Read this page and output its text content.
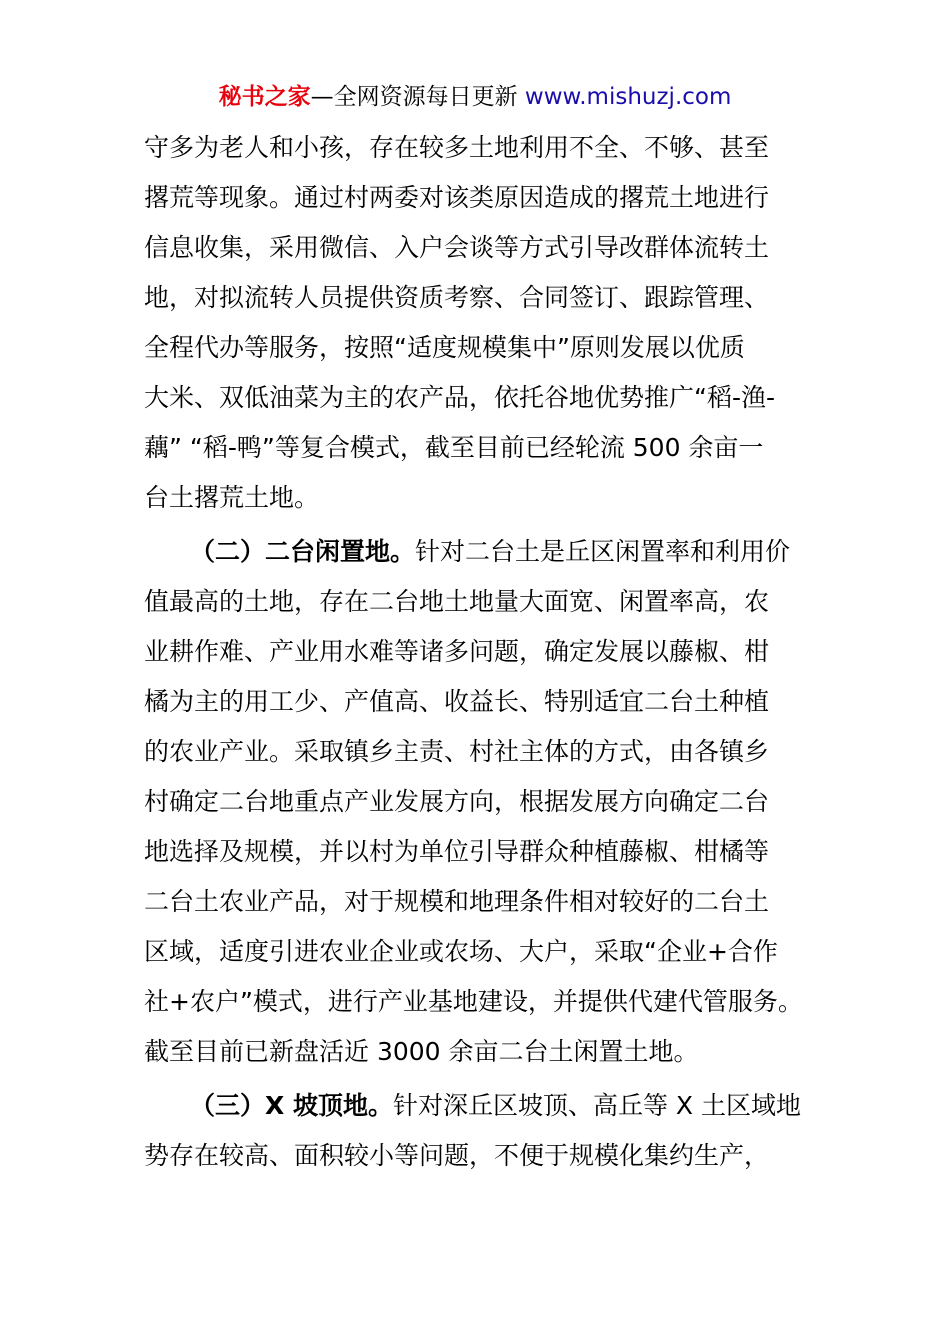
秘书之家—全网资源每日更新 www.mishuzj.com
守多为老人和小孩，存在较多土地利用不全、不够、甚至
撂荒等现象。通过村两委对该类原因造成的撂荒土地进行
信息收集，采用微信、入户会谈等方式引导改群体流转土
地，对拟流转人员提供资质考察、合同签订、跟踪管理、
全程代办等服务，按照“适度规模集中”原则发展以优质
大米、双低油菜为主的农产品，依托谷地优势推广“稻-渔-
藕” “稻-鸭”等复合模式，截至目前已经轮流 500 余亩一
台土撂荒土地。
（二）二台闲置地。针对二台土是丘区闲置率和利用价
值最高的土地，存在二台地土地量大面宽、闲置率高，农
业耕作难、产业用水难等诸多问题，确定发展以藤椒、柑
橘为主的用工少、产值高、收益长、特别适宜二台土种植
的农业产业。采取镇乡主责、村社主体的方式，由各镇乡
村确定二台地重点产业发展方向，根据发展方向确定二台
地选择及规模，并以村为单位引导群众种植藤椒、柑橘等
二台土农业产品，对于规模和地理条件相对较好的二台土
区域，适度引进农业企业或农场、大户，采取“企业+合作
社+农户”模式，进行产业基地建设，并提供代建代管服务。
截至目前已新盘活近 3000 余亩二台土闲置土地。
（三）X 坡顶地。针对深丘区坡顶、高丘等 X 土区域地
势存在较高、面积较小等问题，不便于规模化集约生产，
